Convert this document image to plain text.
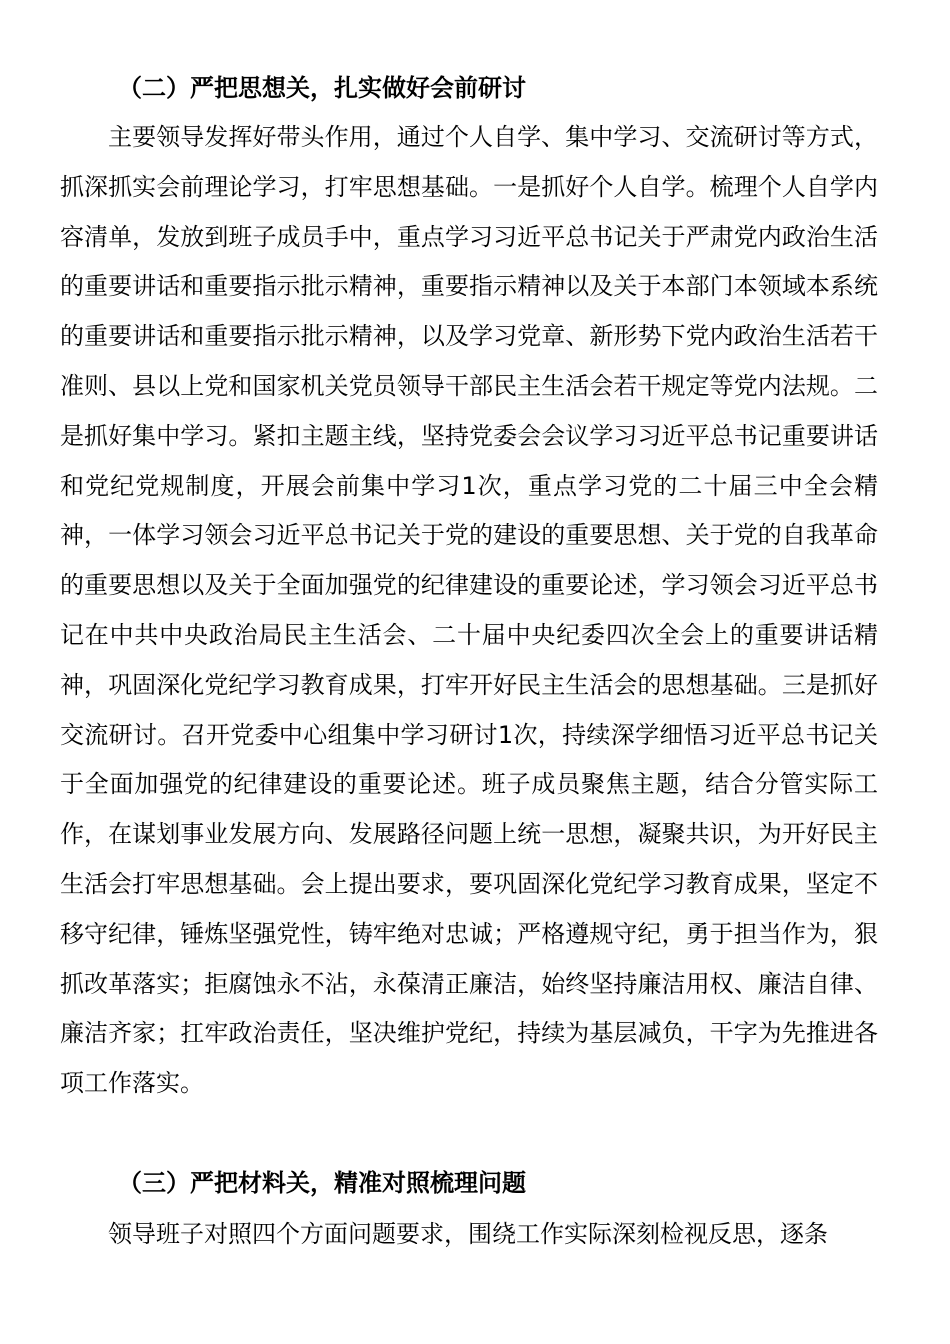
（二）严把思想关，扎实做好会前研讨

主要领导发挥好带头作用，通过个人自学、集中学习、交流研讨等方式，抓深抓实会前理论学习，打牢思想基础。一是抓好个人自学。梳理个人自学内容清单，发放到班子成员手中，重点学习习近平总书记关于严肃党内政治生活的重要讲话和重要指示批示精神，重要指示精神以及关于本部门本领域本系统的重要讲话和重要指示批示精神，以及学习党章、新形势下党内政治生活若干准则、县以上党和国家机关党员领导干部民主生活会若干规定等党内法规。二是抓好集中学习。紧扣主题主线，坚持党委会会议学习习近平总书记重要讲话和党纪党规制度，开展会前集中学习1次，重点学习党的二十届三中全会精神，一体学习领会习近平总书记关于党的建设的重要思想、关于党的自我革命的重要思想以及关于全面加强党的纪律建设的重要论述，学习领会习近平总书记在中共中央政治局民主生活会、二十届中央纪委四次全会上的重要讲话精神，巩固深化党纪学习教育成果，打牢开好民主生活会的思想基础。三是抓好交流研讨。召开党委中心组集中学习研讨1次，持续深学细悟习近平总书记关于全面加强党的纪律建设的重要论述。班子成员聚焦主题，结合分管实际工作，在谋划事业发展方向、发展路径问题上统一思想，凝聚共识，为开好民主生活会打牢思想基础。会上提出要求，要巩固深化党纪学习教育成果，坚定不移守纪律，锤炼坚强党性，铸牢绝对忠诚；严格遵规守纪，勇于担当作为，狠抓改革落实；拒腐蚀永不沾，永葆清正廉洁，始终坚持廉洁用权、廉洁自律、廉洁齐家；扛牢政治责任，坚决维护党纪，持续为基层减负，干字为先推进各项工作落实。

（三）严把材料关，精准对照梳理问题

领导班子对照四个方面问题要求，围绕工作实际深刻检视反思，逐条
